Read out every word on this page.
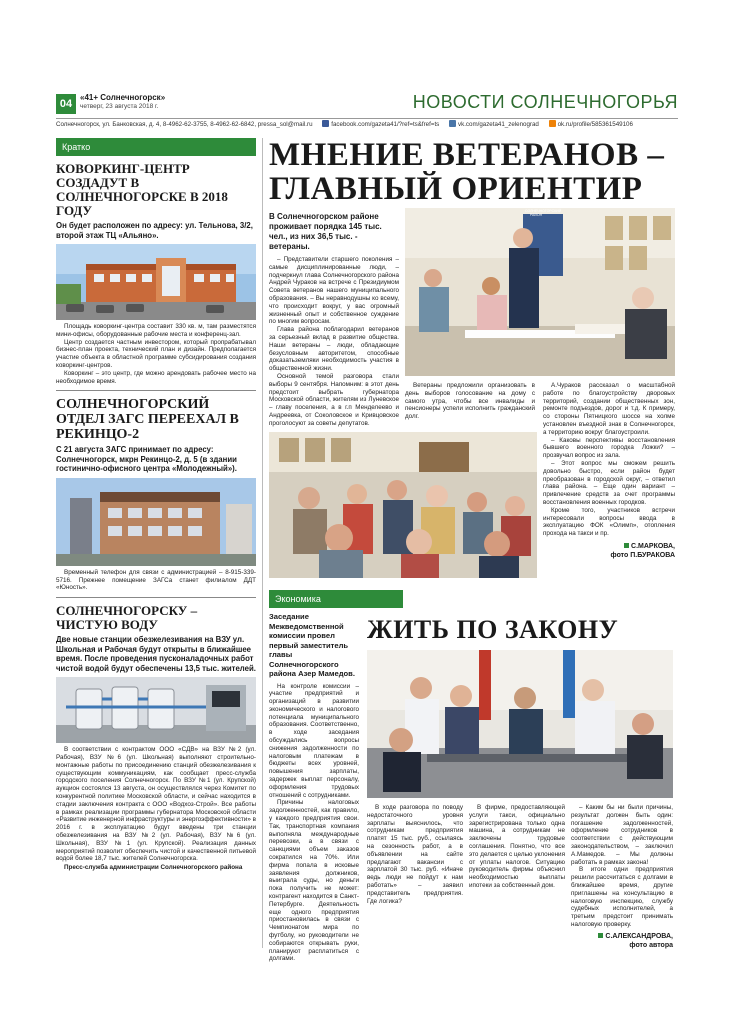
04
«41+ Солнечногорск»
четверг, 23 августа 2018 г.	НОВОСТИ СОЛНЕЧНОГОРЬЯ
Солнечногорск, ул. Банковская, д. 4, 8-4962-62-3755, 8-4962-62-6842, pressa_sol@mail.ru	facebook.com/gazeta41/?ref=ts&fref=ts	vk.com/gazeta41_zelenograd	ok.ru/profile/585361549106
Кратко
КОВОРКИНГ-ЦЕНТР СОЗДАДУТ В СОЛНЕЧНОГОРСКЕ В 2018 ГОДУ
Он будет расположен по адресу: ул. Тельнова, 3/2, второй этаж ТЦ «Альяно».
Площадь коворкинг-центра составит 330 кв. м, там разместятся мини-офисы, оборудованные рабочие места и конференц-зал.
Центр создается частным инвестором, который пропрабатывал бизнес-план проекта, технический план и дизайн. Предполагается участие объекта в областной программе субсидирования создания коворкинг-центров.
Коворкинг – это центр, где можно арендовать рабочее место на необходимое время.
СОЛНЕЧНОГОРСКИЙ ОТДЕЛ ЗАГС ПЕРЕЕХАЛ В РЕКИНЦО-2
С 21 августа ЗАГС принимает по адресу: Солнечногорск, мкрн Рекинцо-2, д. 5 (в здании гостинично-офисного центра «Молодежный»).
Временный телефон для связи с администрацией – 8-915-339-5716. Прежнее помещение ЗАГСа станет филиалом ДДТ «Юность».
СОЛНЕЧНОГОРСКУ – ЧИСТУЮ ВОДУ
Две новые станции обезжелезивания на ВЗУ ул. Школьная и Рабочая будут открыты в ближайшее время. После проведения пусконаладочных работ чистой водой будут обеспечены 13,5 тыс. жителей.
В соответствии с контрактом ООО «СДВ» на ВЗУ №2 (ул. Рабочая), ВЗУ №6 (ул. Школьная) выполняют строительно-монтажные работы по присоединению станций обезжелезивания к существующим коммуникациям, как сообщает пресс-служба городского поселения Солнечногорск. По ВЗУ №1 (ул. Крупской) аукцион состоялся 13 августа, он осуществлялся через Комитет по конкурентной политике Московской области, и сейчас находится в стадии заключения контракта с ООО «Водхоз-Строй». Все работы в рамках реализации программы губернатора Московской области «Развитие инженерной инфраструктуры и энергоэффективности» в 2016 г. в эксплуатацию будут введены три станции обезжелезивания на ВЗУ №2 (ул. Рабочая), ВЗУ №6 (ул. Школьная), ВЗУ №1 (ул. Крупской). Реализация данных мероприятий позволит обеспечить чистой и качественной питьевой водой более 18,7 тыс. жителей Солнечногорска.
Пресс-служба администрации Солнечногорского района
МНЕНИЕ ВЕТЕРАНОВ – ГЛАВНЫЙ ОРИЕНТИР
В Солнечногорском районе проживает порядка 145 тыс. чел., из них 36,5 тыс. - ветераны.
– Представители старшего поколения – самые дисциплинированные люди, – подчеркнул глава Солнечногорского района Андрей Чураков на встрече с Президиумом Совета ветеранов нашего муниципального образования. – Вы неравнодушны ко всему, что происходит вокруг, у вас огромный жизненный опыт и собственное суждение по многим вопросам.
Глава района поблагодарил ветеранов за серьезный вклад в развитие общества. Наши ветераны – люди, обладающие безусловным авторитетом, способные доказатьземляки необходимость участия в общественной жизни.
Основной темой разговора стали выборы 9 сентября. Напомним: в этот день предстоит выбрать губернатора Московской области, жителям из Луневское – главу поселения, а в г.п Менделеево и Андреевка, от Соколовское и Кривцовское проголосуют за советы депутатов.
СОЛНЕЧНОГОРСКИЙ РАЙОН
Ветераны предложили организовать в день выборов голосование на дому с самого утра, чтобы все инвалиды и пенсионеры успели исполнить гражданский долг.
А.Чураков рассказал о масштабной работе по благоустройству дворовых территорий, создании общественных зон, ремонте подъездов, дорог и т.д. К примеру, со стороны Пятницкого шоссе на холме установлен въездной знак в Солнечногорск, а территорию вокруг благоустроили.
– Каковы перспективы восстановления бывшего военного городка Ложки? – прозвучал вопрос из зала.
– Этот вопрос мы сможем решить довольно быстро, если район будет преобразован в городской округ, – ответил глава района. – Еще один вариант – привлечение средств за счет программы восстановления военных городков.
Кроме того, участников встречи интересовали вопросы ввода в эксплуатацию ФОК «Олимп», отопления прохода на такси и пр.
С.МАРКОВА,
фото П.БУРАКОВА
Экономика
Заседание Межведомственной комиссии провел первый заместитель главы Солнечногорского района Азер Мамедов.
На контроле комиссии – участие предприятий и организаций в развитии экономического и налогового потенциала муниципального образования. Соответственно, в ходе заседания обсуждались вопросы снижения задолженности по налоговым платежам в бюджеты всех уровней, повышения зарплаты, задержек выплат персоналу, оформления трудовых отношений с сотрудниками.
Причины налоговых задолженностей, как правило, у каждого предприятия свои. Так, транспортная компания выполняла международные перевозки, а в связи с санкциями объем заказов сократился на 70%. Или фирма попала в исковые заявления должников, выиграла суды, но деньги пока получить не может: контрагент находится в Санкт-Петербурге. Деятельность еще одного предприятия приостановилась в связи с Чемпионатом мира по футболу, но руководители не собираются открывать руки, планируют расплатиться с долгами.
ЖИТЬ ПО ЗАКОНУ
В ходе разговора по поводу недостаточного уровня зарплаты выяснилось, что сотрудникам предприятия платят 15 тыс. руб., ссылаясь на сезонность работ, а в объявлении на сайте предлагают вакансии с зарплатой 30 тыс. руб. «Иначе ведь люди не пойдут к нам работать» – заявил представитель предприятия. Где логика?
В фирме, предоставляющей услуги такси, официально зарегистрирована только одна машина, а сотрудникам не заключены трудовые соглашения. Понятно, что все это делается с целью уклонения от уплаты налогов. Ситуацию руководитель фирмы объяснил необходимостью выплаты ипотеки за собственный дом.
– Каким бы ни были причины, результат должен быть один: погашение задолженностей, оформление сотрудников в соответствии с действующим законодательством, – заключил А.Мамедов. – Мы должны работать в рамках закона!
В итоге одни предприятия решили рассчитаться с долгами в ближайшее время, другие приглашены на консультацию в налоговую инспекцию, службу судебных исполнителей, а третьим предстоит принимать налоговую проверку.
С.АЛЕКСАНДРОВА,
фото автора
